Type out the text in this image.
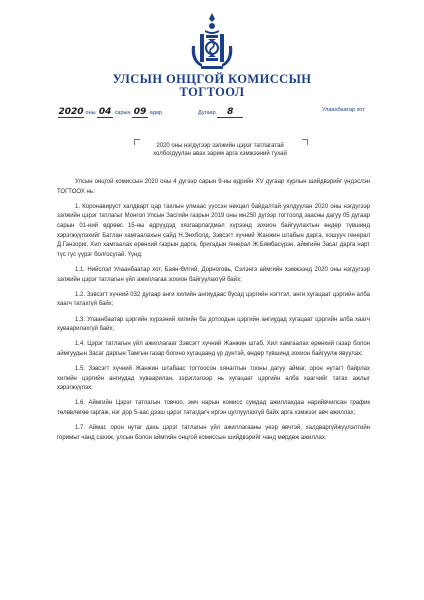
УЛСЫН ОНЦГОЙ КОМИССЫН
ТОГТООЛ
2020 оны 04 сарын 09 өдөр	Дугаар 8	Улаанбаатар хот
2020 оны нэгдүгээр зэлжийн цэрэг татлагатай
холбогдуулан авах зарим арга хэмжээний тухай

Улсын онцгой комиссын 2020 оны 4 дүгээр сарын 9-ны өдрийн XV дугаар хурлын шийдвэрийг үндэслэн ТОГТООХ нь:

1. Коронавируст халдварт цар тахлын улмаас үүссэн нөхцөл байдалтай уялдуулан 2020 оны нэгдүгээр зэлжийн цэрэг татлагыг Монгол Улсын Засгийн газрын 2019 оны мн250 дүгээр тогтоолд заасны дагуу 05 дугаар сарын 01-ний өдрөөс 15-ны өдрүүдэд хязгаарлагдмал хүрээнд зохион байгуулахтын өндөр түвшинд хэрэгжүүлэхийг Батлан хамгаалахын сайд Н.Энхболд, Зэвсэгт хүчний Жанжин штабын дарга, хошууч генерал Д.Ганзориг, Хил хамгаалах ерөнхий газрын дарга, бригадын генерал Ж.Бямбасүрэн, аймгийн Засаг дарга нарт түс түс үүрэг болгосугай. Үүнд:

1.1. Нийслэл Улаанбаатар хот, Баян-Өлгий, Дорноговь, Сэлэнгэ аймгийн хэмжээнд 2020 оны нэгдүгээр зэлжийн цэрэг татлагын үйл ажиллагаа зохион байгуулахгүй байх;

1.2. Зэвсэгт хүчний 032 дугаар анги хилийн ангиудаас бусад цэргийн нэгтгэл, анги хугацаат цэргийн алба хаагч татахгүй байх;

1.3. Улаанбаатар цэргийн хүрээний хилийн ба дотоодын цэргийн ангиудад хугацаат цэргийн алба хаагч хуваарилахгүй байх;

1.4. Цэрэг татлагын үйл ажиллагааг Зэвсэгт хүчний Жанжин штаб, Хил хамгаалах ерөнхий газар болон аймгуудын Засаг даргын Тамгын газар богино хугацаанд үр дүнтэй, өндөр түвшинд зохион байгуулж явуулах;

1.5. Зэвсэгт хүчний Жанжин штабаас тогтоосон хяналтын тооны дагуу аймаг, орон нутагт байрлах хилийн цэргийн ангиудад хуваарилан, зэрэглэлээр нь хугацаат цэргийн алба хаагчийг татах ажлыг хэрэгжүүлэх;

1.6. Аймгийн Цэрэг татлагын товчоо, эмч нарын комисс сумдад ажиллахдаа нарийвчилсан график төлөвлөгөө гаргаж, нэг дор 5-аас дээш цэрэг татагдагч иргэн цуглуулахгүй байх арга хэмжээг авч ажиллах;

1.7. Аймаг, орон нутаг дахь цэрэг татлагын үйл ажиллагааны үеэр өвчтэй, халдваргүйжүүлэлтийн горимыг чанд сахиж, улсын болон аймгийн онцгой комиссын шийдвэрийг чанд мөрдөж ажиллах.
